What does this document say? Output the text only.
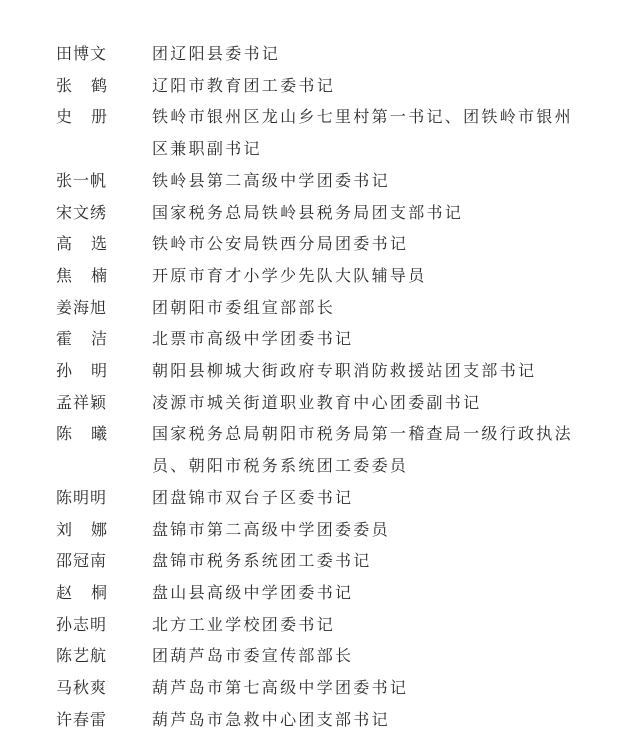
田博文	团辽阳县委书记
张鹤	辽阳市教育团工委书记
史册	铁岭市银州区龙山乡七里村第一书记、团铁岭市银州区兼职副书记
张一帆	铁岭县第二高级中学团委书记
宋文绣	国家税务总局铁岭县税务局团支部书记
高选	铁岭市公安局铁西分局团委书记
焦楠	开原市育才小学少先队大队辅导员
姜海旭	团朝阳市委组宣部部长
霍洁	北票市高级中学团委书记
孙明	朝阳县柳城大街政府专职消防救援站团支部书记
孟祥颖	凌源市城关街道职业教育中心团委副书记
陈曦	国家税务总局朝阳市税务局第一稽查局一级行政执法员、朝阳市税务系统团工委委员
陈明明	团盘锦市双台子区委书记
刘娜	盘锦市第二高级中学团委委员
邵冠南	盘锦市税务系统团工委书记
赵桐	盘山县高级中学团委书记
孙志明	北方工业学校团委书记
陈艺航	团葫芦岛市委宣传部部长
马秋爽	葫芦岛市第七高级中学团委书记
许春雷	葫芦岛市急救中心团支部书记
